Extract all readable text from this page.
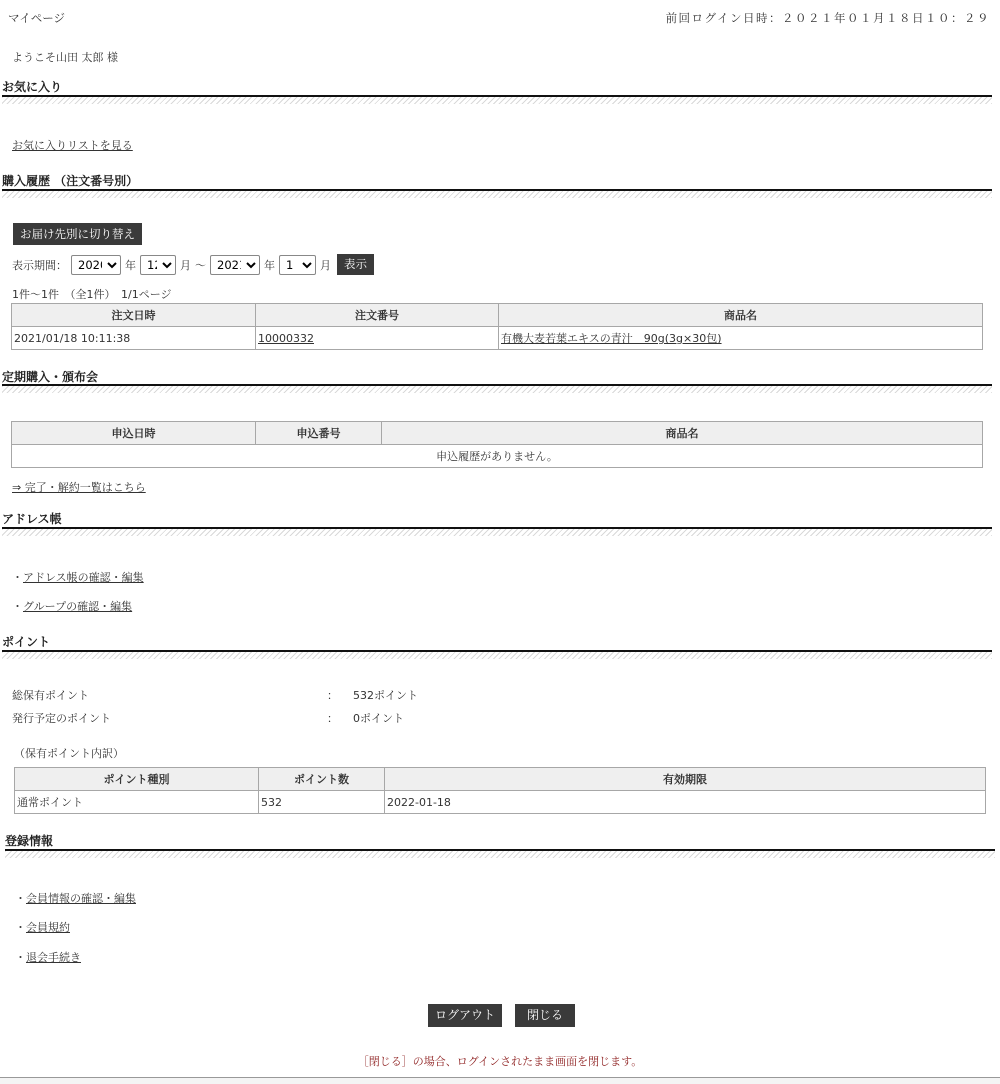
マイページ	前回ログイン日時：２０２１年０１月１８日１０：２９
ようこそ山田 太郎 様
お気に入り
お気に入りリストを見る
購入履歴 （注文番号別）
お届け先別に切り替え
表示期間：
2020	年
12	月 ～
2021	年
1	月	表示
1件～1件　（全1件）　1/1ページ
注文日時	注文番号	商品名
2021/01/18 10:11:38	10000332	有機大麦若葉エキスの青汁　90g(3g×30包)
定期購入・頒布会
申込日時	申込番号	商品名
申込履歴がありません。
⇒ 完了・解約一覧はこちら
アドレス帳
・アドレス帳の確認・編集
・グループの確認・編集
ポイント
総保有ポイント	： 532ポイント
発行予定のポイント	： 0ポイント
（保有ポイント内訳）
ポイント種別	ポイント数	有効期限
通常ポイント	532	2022-01-18
登録情報
・会員情報の確認・編集
・会員規約
・退会手続き
ログアウト	閉じる
［閉じる］の場合、ログインされたまま画面を閉じます。
